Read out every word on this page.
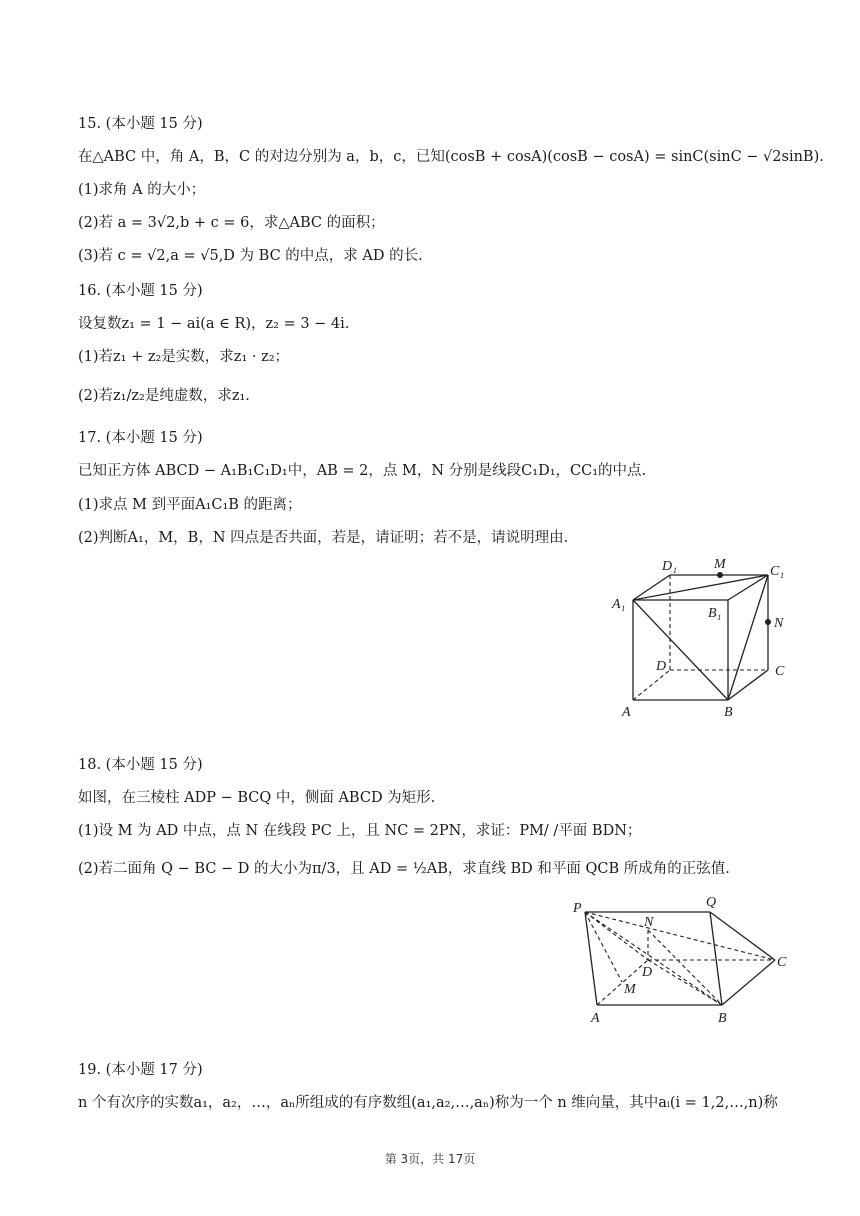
15. (本小题 15 分)
在△ABC 中，角 A，B，C 的对边分别为 a，b，c，已知(cosB + cosA)(cosB − cosA) = sinC(sinC − √2sinB).
(1)求角 A 的大小；
(2)若 a = 3√2,b + c = 6，求△ABC 的面积；
(3)若 c = √2,a = √5,D 为 BC 的中点，求 AD 的长.
16. (本小题 15 分)
设复数z₁ = 1 − ai(a ∈ R)，z₂ = 3 − 4i.
(1)若z₁ + z₂是实数，求z₁ · z₂；
(2)若z₁/z₂是纯虚数，求z₁.
17. (本小题 15 分)
已知正方体 ABCD − A₁B₁C₁D₁中，AB = 2，点 M，N 分别是线段C₁D₁，CC₁的中点.
(1)求点 M 到平面A₁C₁B 的距离；
(2)判断A₁，M，B，N 四点是否共面，若是，请证明；若不是，请说明理由.
D₁	M	C₁
A₁
B₁
N
D	C
A	B
18. (本小题 15 分)
如图，在三棱柱 ADP − BCQ 中，侧面 ABCD 为矩形.
(1)设 M 为 AD 中点，点 N 在线段 PC 上，且 NC = 2PN，求证：PM/ /平面 BDN；
(2)若二面角 Q − BC − D 的大小为π/3，且 AD = ½AB，求直线 BD 和平面 QCB 所成角的正弦值.
P
N
Q
D
C
M
A	B
19. (本小题 17 分)
n 个有次序的实数a₁，a₂，…，aₙ所组成的有序数组(a₁,a₂,…,aₙ)称为一个 n 维向量，其中aᵢ(i = 1,2,…,n)称
第 3页，共 17页
